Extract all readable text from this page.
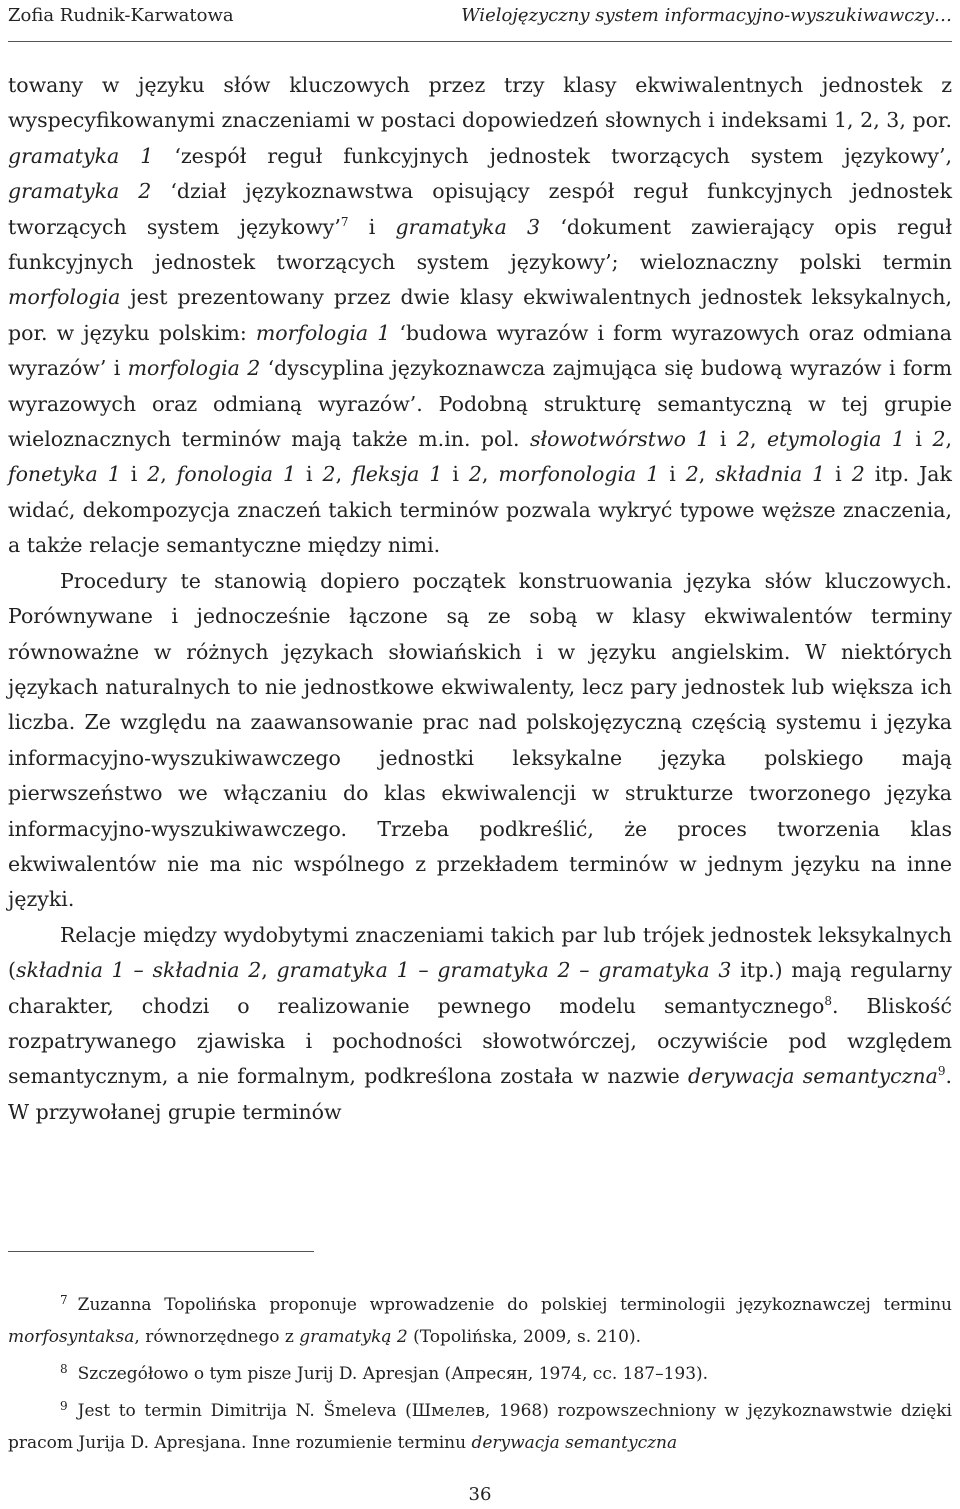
Zofia Rudnik-Karwatowa	Wielojęzyczny system informacyjno-wyszukiwawczy…

towany w języku słów kluczowych przez trzy klasy ekwiwalentnych jednostek z wyspecyfikowanymi znaczeniami w postaci dopowiedzeń słownych i indeksami 1, 2, 3, por. gramatyka 1 ‘zespół reguł funkcyjnych jednostek tworzących system językowy’, gramatyka 2 ‘dział językoznawstwa opisujący zespół reguł funkcyjnych jednostek tworzących system językowy’$^7$ i gramatyka 3 ‘dokument zawierający opis reguł funkcyjnych jednostek tworzących system językowy’; wieloznaczny polski termin morfologia jest prezentowany przez dwie klasy ekwiwalentnych jednostek leksykalnych, por. w języku polskim: morfologia 1 ‘budowa wyrazów i form wyrazowych oraz odmiana wyrazów’ i morfologia 2 ‘dyscyplina językoznawcza zajmująca się budową wyrazów i form wyrazowych oraz odmianą wyrazów’. Podobną strukturę semantyczną w tej grupie wieloznacznych terminów mają także m.in. pol. słowotwórstwo 1 i 2, etymologia 1 i 2, fonetyka 1 i 2, fonologia 1 i 2, fleksja 1 i 2, morfonologia 1 i 2, składnia 1 i 2 itp. Jak widać, dekompozycja znaczeń takich terminów pozwala wykryć typowe węższe znaczenia, a także relacje semantyczne między nimi.

Procedury te stanowią dopiero początek konstruowania języka słów kluczowych. Porównywane i jednocześnie łączone są ze sobą w klasy ekwiwalentów terminy równoważne w różnych językach słowiańskich i w języku angielskim. W niektórych językach naturalnych to nie jednostkowe ekwiwalenty, lecz pary jednostek lub większa ich liczba. Ze względu na zaawansowanie prac nad polskojęzyczną częścią systemu i języka informacyjno-wyszukiwawczego jednostki leksykalne języka polskiego mają pierwszeństwo we włączaniu do klas ekwiwalencji w strukturze tworzonego języka informacyjno-wyszukiwawczego. Trzeba podkreślić, że proces tworzenia klas ekwiwalentów nie ma nic wspólnego z przekładem terminów w jednym języku na inne języki.

Relacje między wydobytymi znaczeniami takich par lub trójek jednostek leksykalnych (składnia 1 – składnia 2, gramatyka 1 – gramatyka 2 – gramatyka 3 itp.) mają regularny charakter, chodzi o realizowanie pewnego modelu semantycznego$^8$. Bliskość rozpatrywanego zjawiska i pochodności słowotwórczej, oczywiście pod względem semantycznym, a nie formalnym, podkreślona została w nazwie derywacja semantyczna$^9$. W przywołanej grupie terminów

$^7$ Zuzanna Topolińska proponuje wprowadzenie do polskiej terminologii językoznawczej terminu morfosyntaksa, równorzędnego z gramatyką 2 (Topolińska, 2009, s. 210).

$^8$ Szczegółowo o tym pisze Jurij D. Apresjan (Апресян, 1974, сс. 187–193).

$^9$ Jest to termin Dimitrija N. Šmeleva (Шмелев, 1968) rozpowszechniony w językoznawstwie dzięki pracom Jurija D. Apresjana. Inne rozumienie terminu derywacja semantyczna

36
